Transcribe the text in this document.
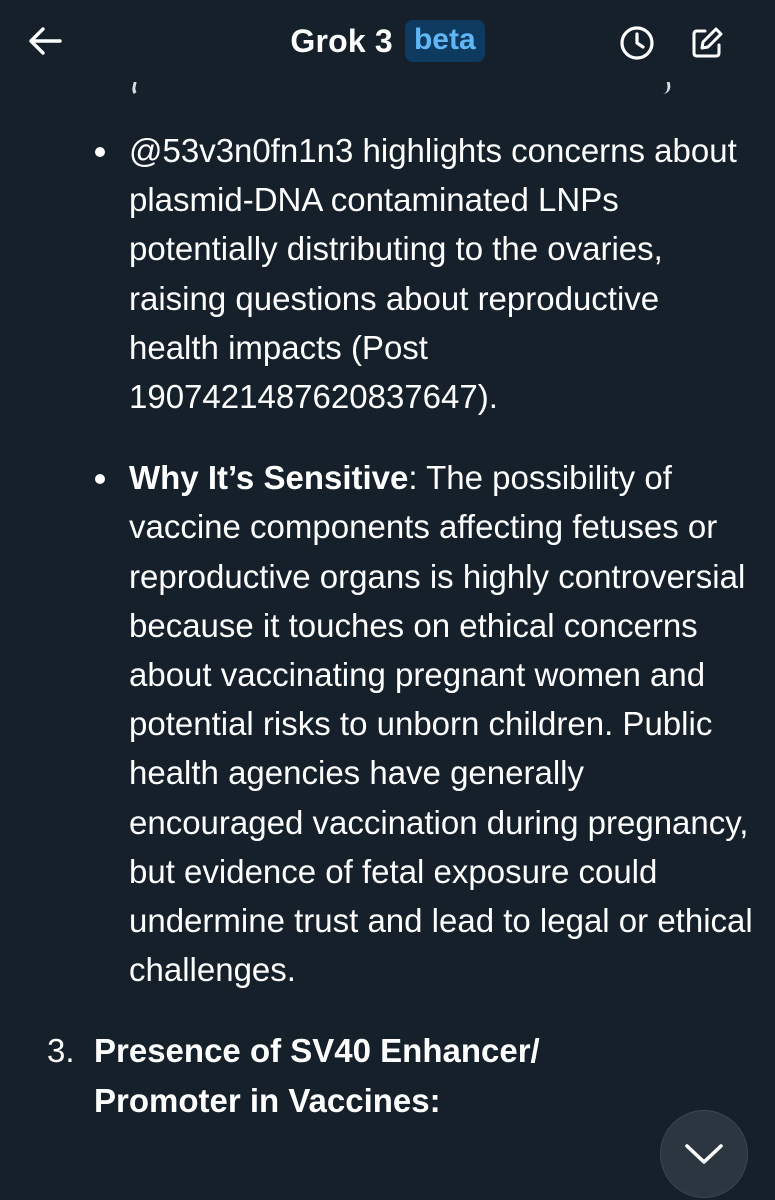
Grok 3 beta
@53v3n0fn1n3 highlights concerns about plasmid-DNA contaminated LNPs potentially distributing to the ovaries, raising questions about reproductive health impacts (Post 1907421487620837647).
Why It’s Sensitive: The possibility of vaccine components affecting fetuses or reproductive organs is highly controversial because it touches on ethical concerns about vaccinating pregnant women and potential risks to unborn children. Public health agencies have generally encouraged vaccination during pregnancy, but evidence of fetal exposure could undermine trust and lead to legal or ethical challenges.
3. Presence of SV40 Enhancer/ Promoter in Vaccines:
